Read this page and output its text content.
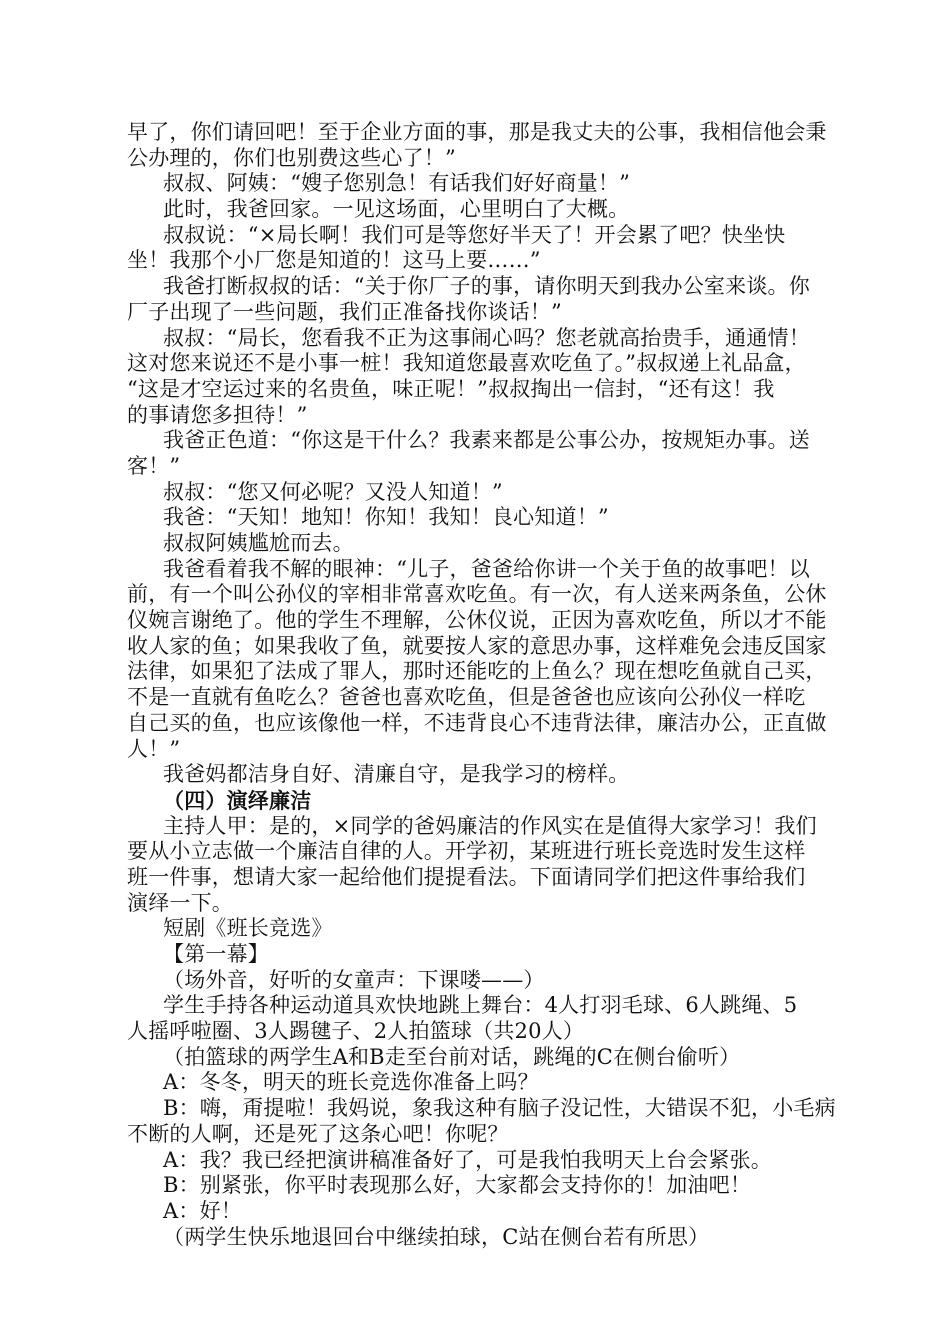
早了，你们请回吧！至于企业方面的事，那是我丈夫的公事，我相信他会秉
公办理的，你们也别费这些心了！”
叔叔、阿姨：“嫂子您别急！有话我们好好商量！”
此时，我爸回家。一见这场面，心里明白了大概。
叔叔说：“×局长啊！我们可是等您好半天了！开会累了吧？快坐快
坐！我那个小厂您是知道的！这马上要……”
我爸打断叔叔的话：“关于你厂子的事，请你明天到我办公室来谈。你
厂子出现了一些问题，我们正准备找你谈话！”
叔叔：“局长，您看我不正为这事闹心吗？您老就高抬贵手，通通情！
这对您来说还不是小事一桩！我知道您最喜欢吃鱼了。”叔叔递上礼品盒，
“这是才空运过来的名贵鱼，味正呢！”叔叔掏出一信封，“还有这！我
的事请您多担待！”
我爸正色道：“你这是干什么？我素来都是公事公办，按规矩办事。送
客！”
叔叔：“您又何必呢？又没人知道！”
我爸：“天知！地知！你知！我知！良心知道！”
叔叔阿姨尴尬而去。
我爸看着我不解的眼神：“儿子，爸爸给你讲一个关于鱼的故事吧！以
前，有一个叫公孙仪的宰相非常喜欢吃鱼。有一次，有人送来两条鱼，公休
仪婉言谢绝了。他的学生不理解，公休仪说，正因为喜欢吃鱼，所以才不能
收人家的鱼；如果我收了鱼，就要按人家的意思办事，这样难免会违反国家
法律，如果犯了法成了罪人，那时还能吃的上鱼么？现在想吃鱼就自己买，
不是一直就有鱼吃么？爸爸也喜欢吃鱼，但是爸爸也应该向公孙仪一样吃
自己买的鱼，也应该像他一样，不违背良心不违背法律，廉洁办公，正直做
人！”
我爸妈都洁身自好、清廉自守，是我学习的榜样。
（四）演绎廉洁
主持人甲：是的，×同学的爸妈廉洁的作风实在是值得大家学习！我们
要从小立志做一个廉洁自律的人。开学初，某班进行班长竞选时发生这样
班一件事，想请大家一起给他们提提看法。下面请同学们把这件事给我们
演绎一下。
短剧《班长竞选》
【第一幕】
（场外音，好听的女童声：下课喽——）
学生手持各种运动道具欢快地跳上舞台：4人打羽毛球、6人跳绳、5
人摇呼啦圈、3人踢毽子、2人拍篮球（共20人）
（拍篮球的两学生A和B走至台前对话，跳绳的C在侧台偷听）
A：冬冬，明天的班长竞选你准备上吗？
B：嗨，甭提啦！我妈说，象我这种有脑子没记性，大错误不犯，小毛病
不断的人啊，还是死了这条心吧！你呢？
A：我？我已经把演讲稿准备好了，可是我怕我明天上台会紧张。
B：别紧张，你平时表现那么好，大家都会支持你的！加油吧！
A：好！
（两学生快乐地退回台中继续拍球，C站在侧台若有所思）
